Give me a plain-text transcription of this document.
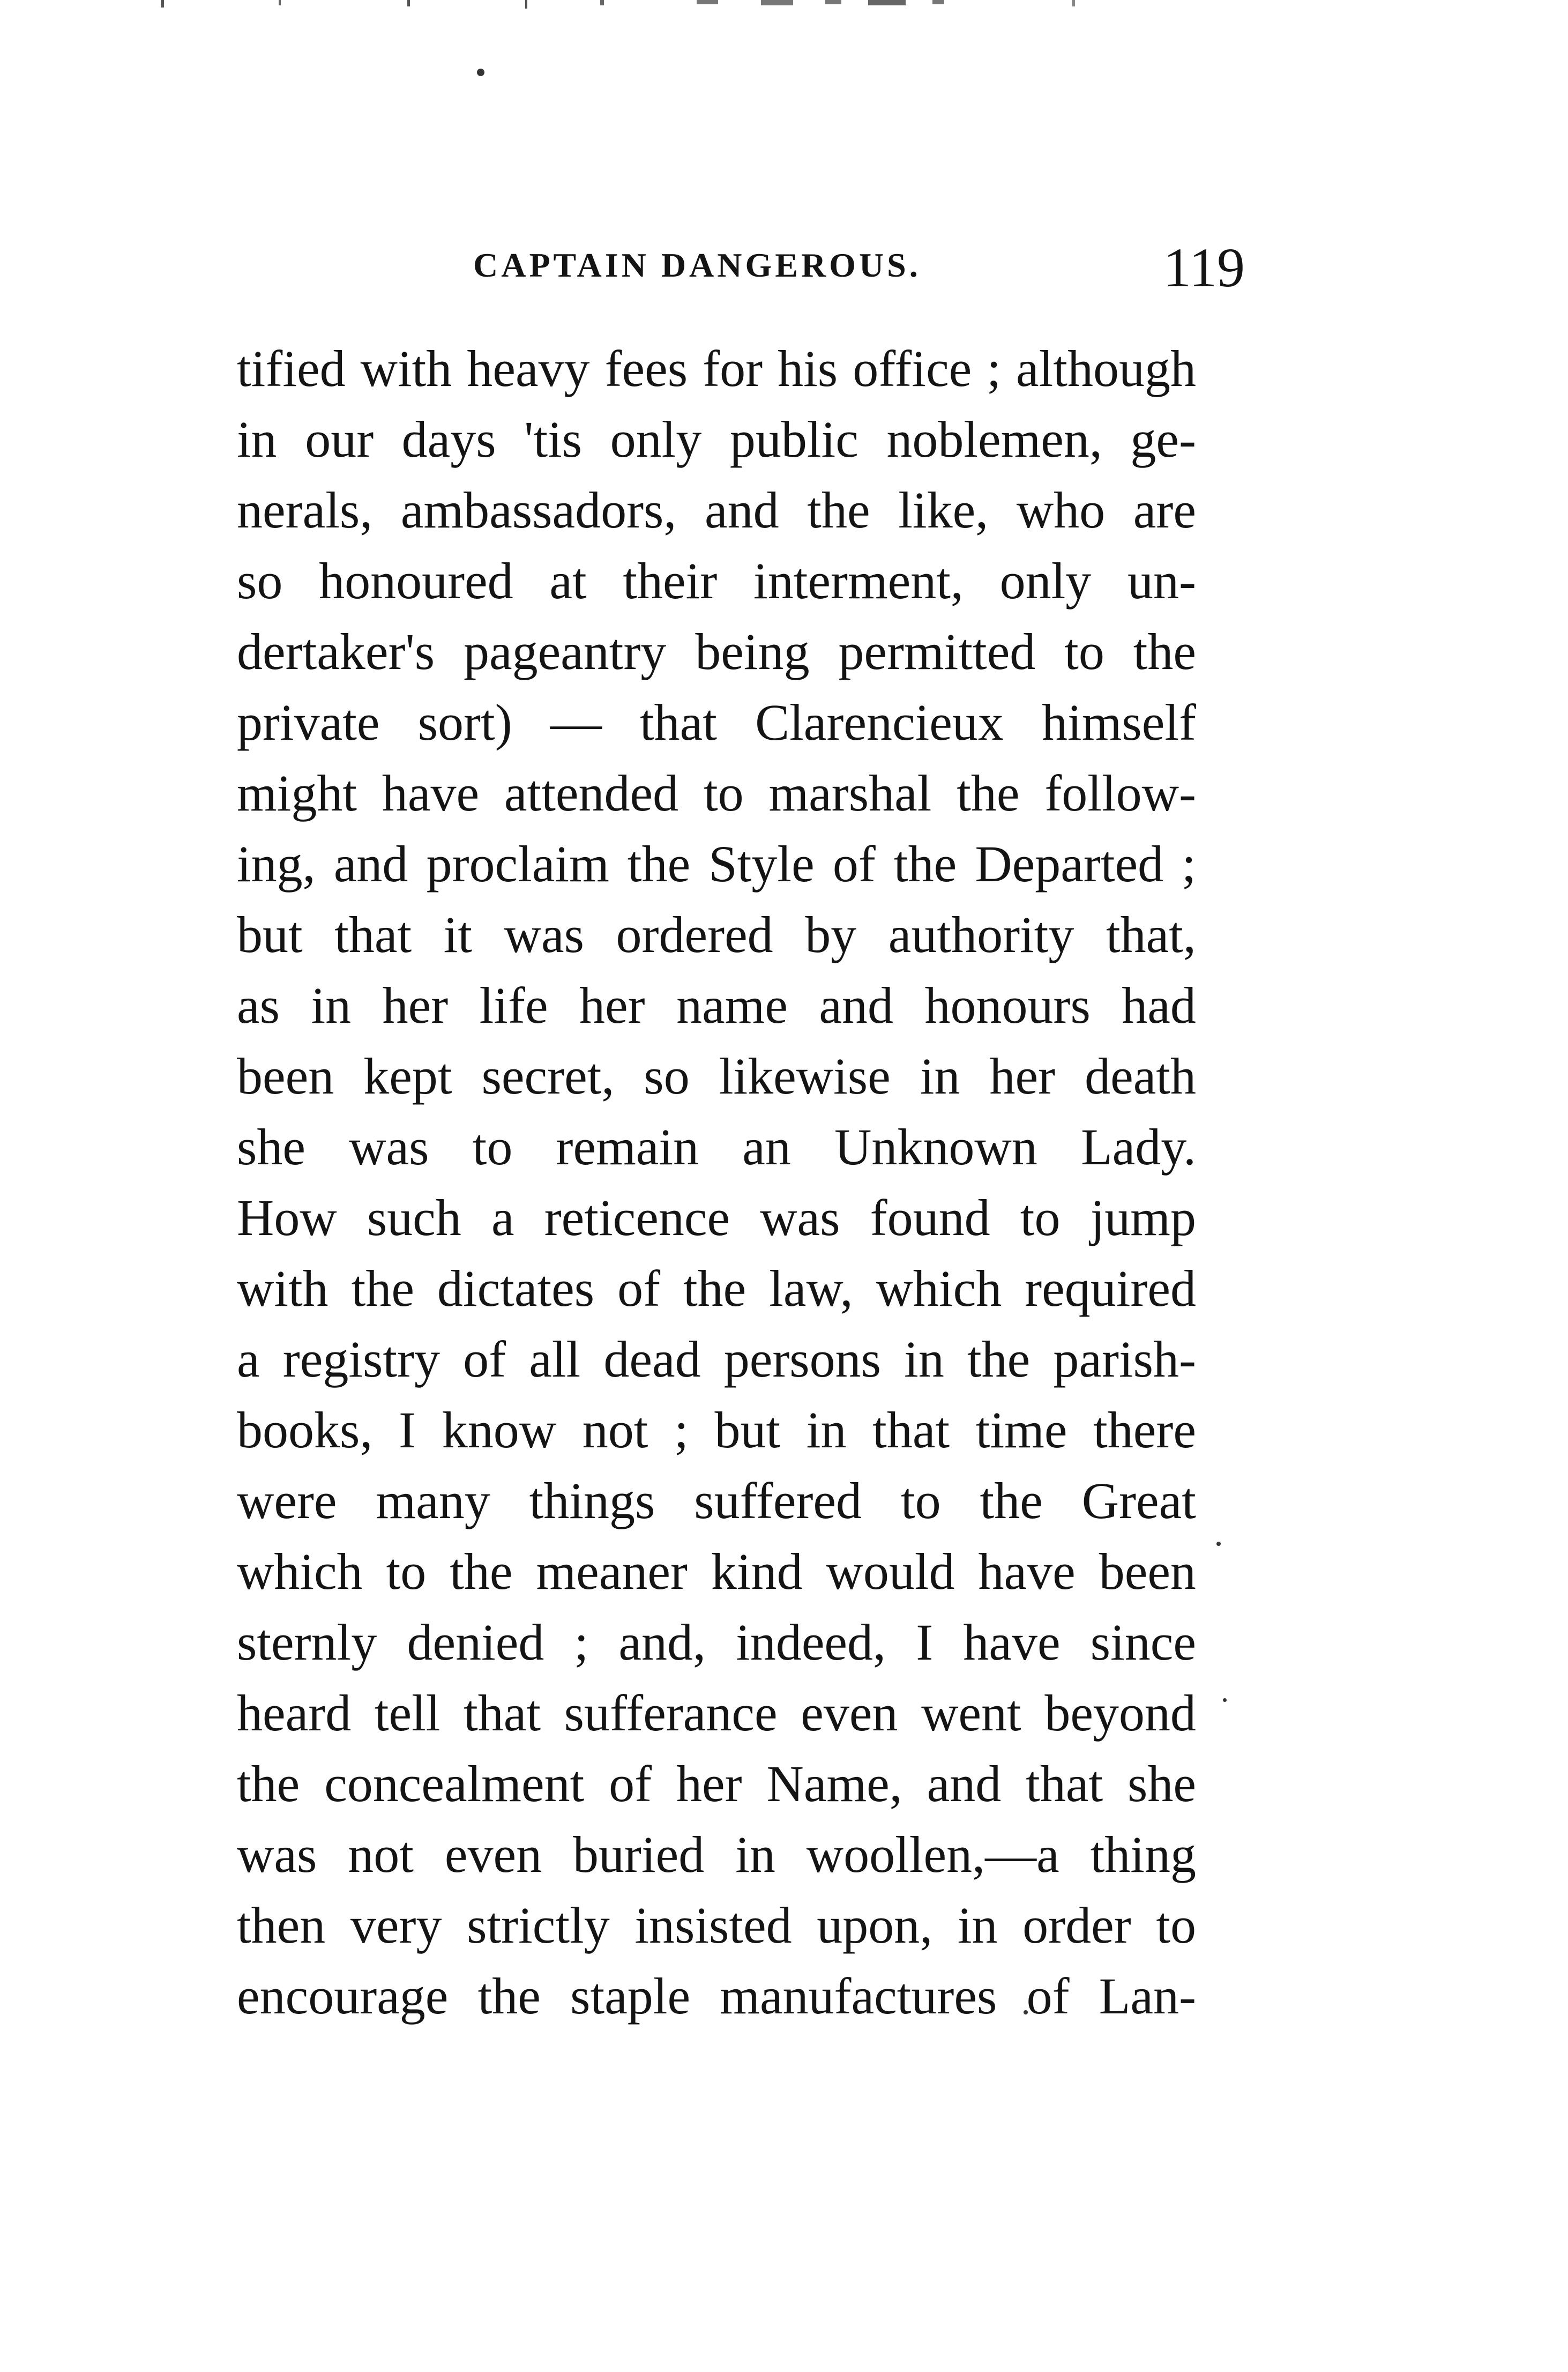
CAPTAIN DANGEROUS.	119
tified with heavy fees for his office ; although
in our days 'tis only public noblemen, ge-
nerals, ambassadors, and the like, who are
so honoured at their interment, only un-
dertaker's pageantry being permitted to the
private sort) — that Clarencieux himself
might have attended to marshal the follow-
ing, and proclaim the Style of the Departed ;
but that it was ordered by authority that,
as in her life her name and honours had
been kept secret, so likewise in her death
she was to remain an Unknown Lady.
How such a reticence was found to jump
with the dictates of the law, which required
a registry of all dead persons in the parish-
books, I know not ; but in that time there
were many things suffered to the Great
which to the meaner kind would have been
sternly denied ; and, indeed, I have since
heard tell that sufferance even went beyond
the concealment of her Name, and that she
was not even buried in woollen,—a thing
then very strictly insisted upon, in order to
encourage the staple manufactures of Lan-
